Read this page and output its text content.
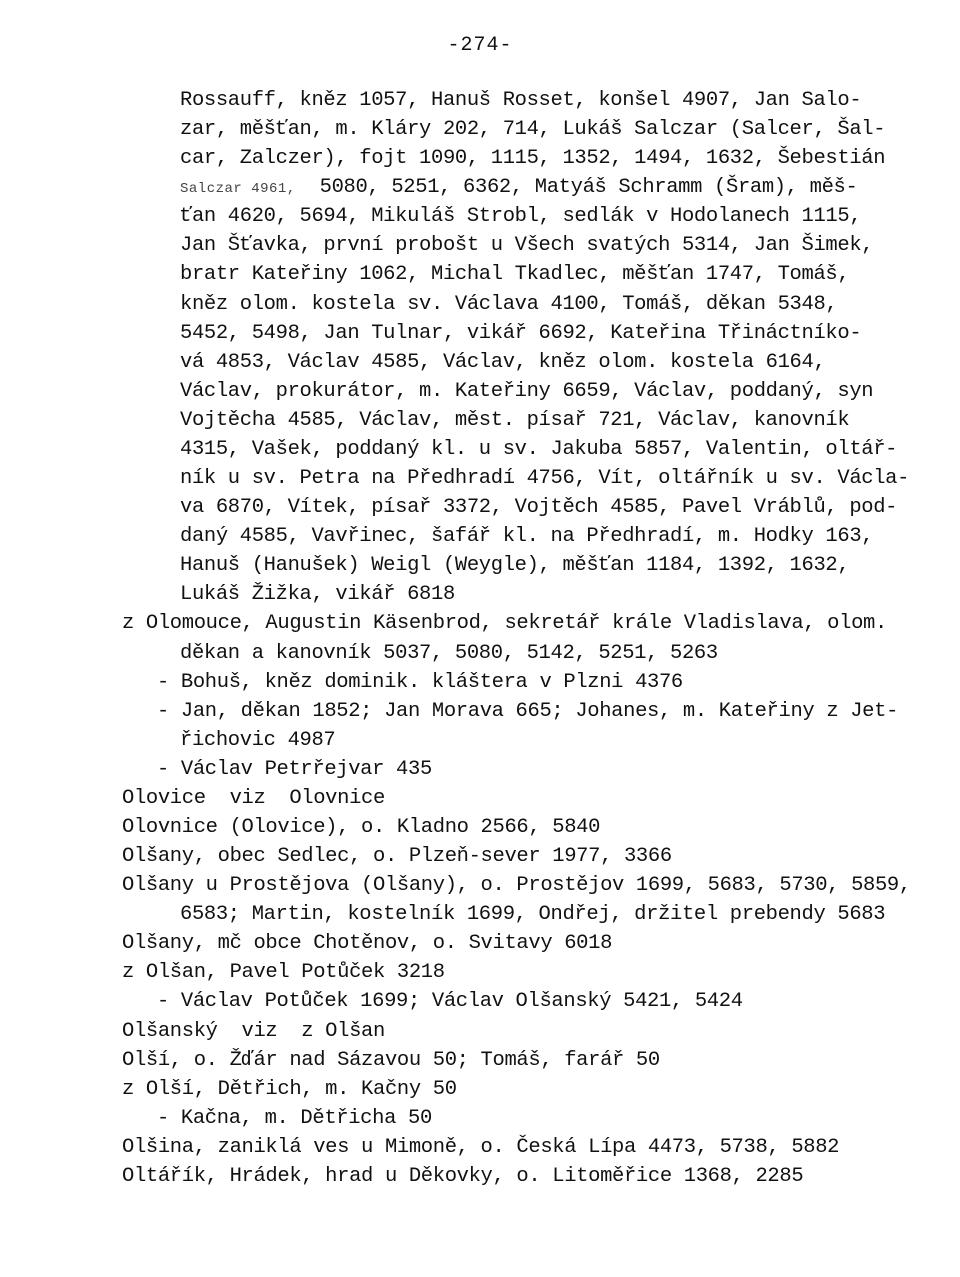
-274-
Rossauff, kněz 1057, Hanuš Rosset, konšel 4907, Jan Salo-
zar, měšťan, m. Kláry 202, 714, Lukáš Salczar (Salcer, Šal-
car, Zalczer), fojt 1090, 1115, 1352, 1494, 1632, Šebestián
Salczar 4961,  5080, 5251, 6362, Matyáš Schramm (Šram), měš-
ťan 4620, 5694, Mikuláš Strobl, sedlák v Hodolanech 1115,
Jan Šťavka, první probošt u Všech svatých 5314, Jan Šimek,
bratr Kateřiny 1062, Michal Tkadlec, měšťan 1747, Tomáš,
kněz olom. kostela sv. Václava 4100, Tomáš, děkan 5348,
5452, 5498, Jan Tulnar, vikář 6692, Kateřina Třináctníko-
vá 4853, Václav 4585, Václav, kněz olom. kostela 6164,
Václav, prokurátor, m. Kateřiny 6659, Václav, poddaný, syn
Vojtěcha 4585, Václav, měst. písař 721, Václav, kanovník
4315, Vašek, poddaný kl. u sv. Jakuba 5857, Valentin, oltář-
ník u sv. Petra na Předhradí 4756, Vít, oltářník u sv. Václa-
va 6870, Vítek, písař 3372, Vojtěch 4585, Pavel Vráblů, pod-
daný 4585, Vavřinec, šafář kl. na Předhradí, m. Hodky 163,
Hanuš (Hanušek) Weigl (Weygle), měšťan 1184, 1392, 1632,
Lukáš Žižka, vikář 6818
z Olomouce, Augustin Käsenbrod, sekretář krále Vladislava, olom.
děkan a kanovník 5037, 5080, 5142, 5251, 5263
- Bohuš, kněz dominik. kláštera v Plzni 4376
- Jan, děkan 1852; Jan Morava 665; Johanes, m. Kateřiny z Jet-
řichovic 4987
- Václav Petrřejvar 435
Olovice  viz  Olovnice
Olovnice (Olovice), o. Kladno 2566, 5840
Olšany, obec Sedlec, o. Plzeň-sever 1977, 3366
Olšany u Prostějova (Olšany), o. Prostějov 1699, 5683, 5730, 5859,
6583; Martin, kostelník 1699, Ondřej, držitel prebendy 5683
Olšany, mč obce Chotěnov, o. Svitavy 6018
z Olšan, Pavel Potůček 3218
- Václav Potůček 1699; Václav Olšanský 5421, 5424
Olšanský  viz  z Olšan
Olší, o. Žďár nad Sázavou 50; Tomáš, farář 50
z Olší, Dětřich, m. Kačny 50
- Kačna, m. Dětřicha 50
Olšina, zaniklá ves u Mimoně, o. Česká Lípa 4473, 5738, 5882
Oltářík, Hrádek, hrad u Děkovky, o. Litoměřice 1368, 2285
